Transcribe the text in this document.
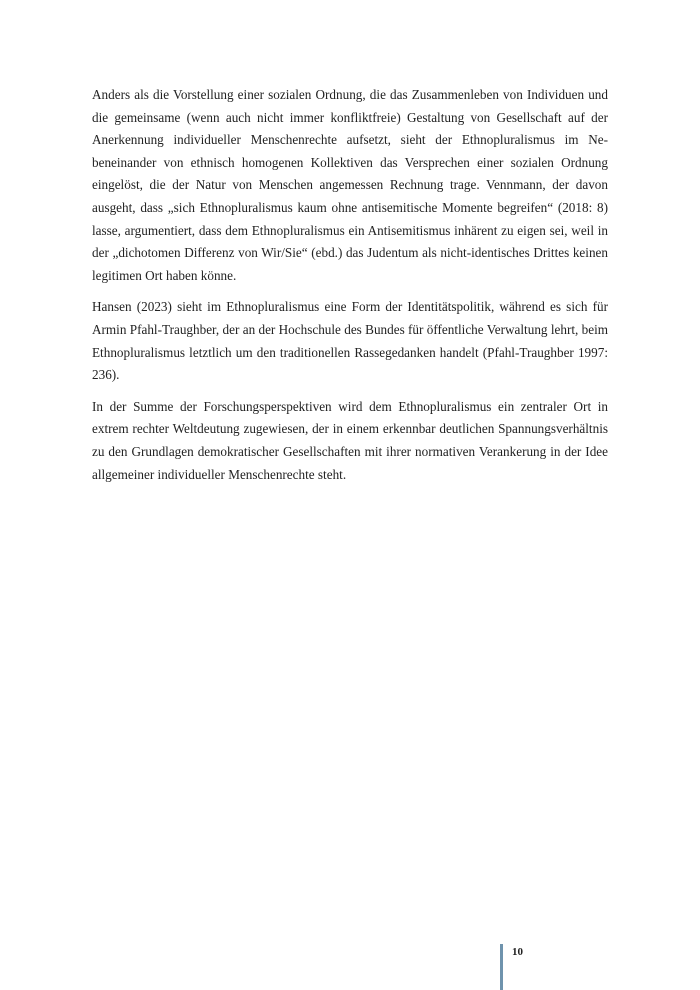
Anders als die Vorstellung einer sozialen Ordnung, die das Zusammenleben von Individuen und die gemeinsame (wenn auch nicht immer konfliktfreie) Gestaltung von Gesellschaft auf der Anerkennung individueller Menschenrechte aufsetzt, sieht der Ethnopluralismus im Nebeneinander von ethnisch homogenen Kollektiven das Versprechen einer sozialen Ordnung eingelöst, die der Natur von Menschen angemessen Rechnung trage. Vennmann, der davon ausgeht, dass „sich Ethnopluralismus kaum ohne antisemitische Momente begreifen“ (2018: 8) lasse, argumentiert, dass dem Ethnopluralismus ein Antisemitismus inhärent zu eigen sei, weil in der „dichotomen Differenz von Wir/Sie“ (ebd.) das Judentum als nicht-identisches Drittes keinen legitimen Ort haben könne.

Hansen (2023) sieht im Ethnopluralismus eine Form der Identitätspolitik, während es sich für Armin Pfahl-Traughber, der an der Hochschule des Bundes für öffentliche Verwaltung lehrt, beim Ethnopluralismus letztlich um den traditionellen Rassegedanken handelt (Pfahl-Traughber 1997: 236).

In der Summe der Forschungsperspektiven wird dem Ethnopluralismus ein zentraler Ort in extrem rechter Weltdeutung zugewiesen, der in einem erkennbar deutlichen Spannungsverhältnis zu den Grundlagen demokratischer Gesellschaften mit ihrer normativen Verankerung in der Idee allgemeiner individueller Menschenrechte steht.

10
